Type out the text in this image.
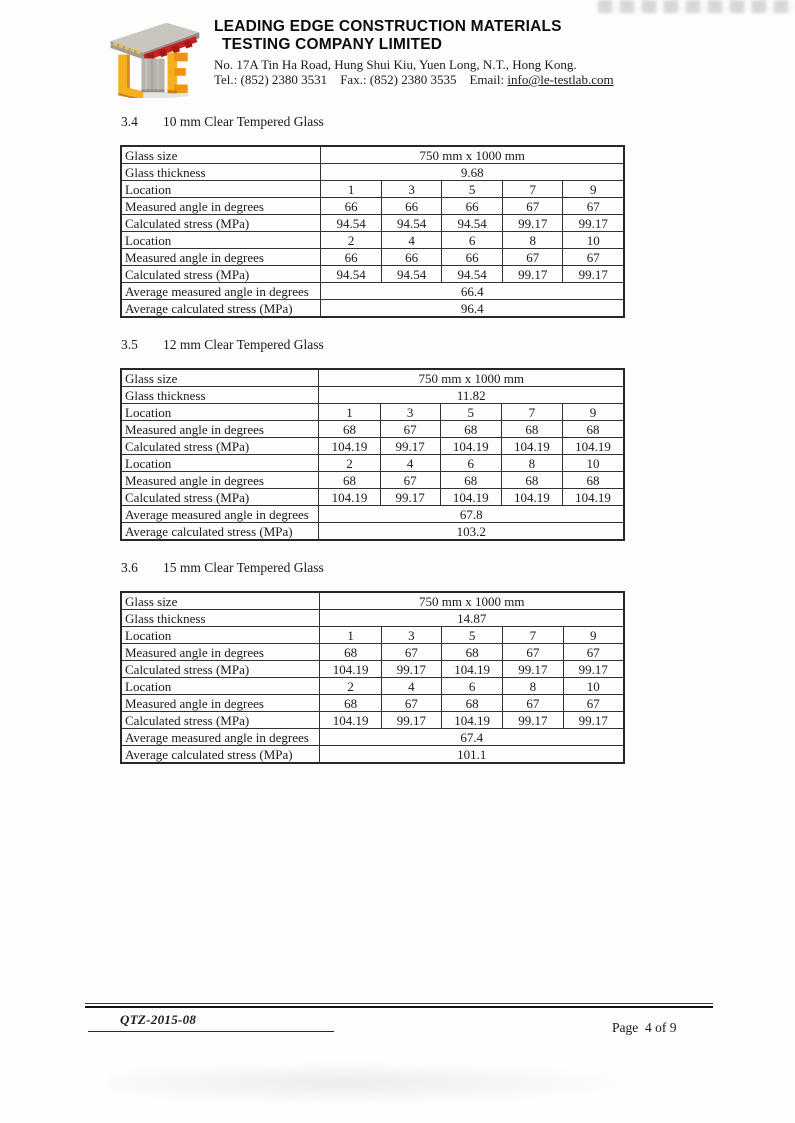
LEADING EDGE CONSTRUCTION MATERIALS
TESTING COMPANY LIMITED
No. 17A Tin Ha Road, Hung Shui Kiu, Yuen Long, N.T., Hong Kong.
Tel.: (852) 2380 3531 Fax.: (852) 2380 3535 Email: info@le-testlab.com
3.4 10 mm Clear Tempered Glass
Glass size	750 mm x 1000 mm				
Glass thickness	9.68				
Location	1	3	5	7	9
Measured angle in degrees	66	66	66	67	67
Calculated stress (MPa)	94.54	94.54	94.54	99.17	99.17
Location	2	4	6	8	10
Measured angle in degrees	66	66	66	67	67
Calculated stress (MPa)	94.54	94.54	94.54	99.17	99.17
Average measured angle in degrees	66.4				
Average calculated stress (MPa)	96.4				
3.5 12 mm Clear Tempered Glass
Glass size	750 mm x 1000 mm				
Glass thickness	11.82				
Location	1	3	5	7	9
Measured angle in degrees	68	67	68	68	68
Calculated stress (MPa)	104.19	99.17	104.19	104.19	104.19
Location	2	4	6	8	10
Measured angle in degrees	68	67	68	68	68
Calculated stress (MPa)	104.19	99.17	104.19	104.19	104.19
Average measured angle in degrees	67.8				
Average calculated stress (MPa)	103.2				
3.6 15 mm Clear Tempered Glass
Glass size	750 mm x 1000 mm				
Glass thickness	14.87				
Location	1	3	5	7	9
Measured angle in degrees	68	67	68	67	67
Calculated stress (MPa)	104.19	99.17	104.19	99.17	99.17
Location	2	4	6	8	10
Measured angle in degrees	68	67	68	67	67
Calculated stress (MPa)	104.19	99.17	104.19	99.17	99.17
Average measured angle in degrees	67.4				
Average calculated stress (MPa)	101.1				
QTZ-2015-08
Page  4 of 9
